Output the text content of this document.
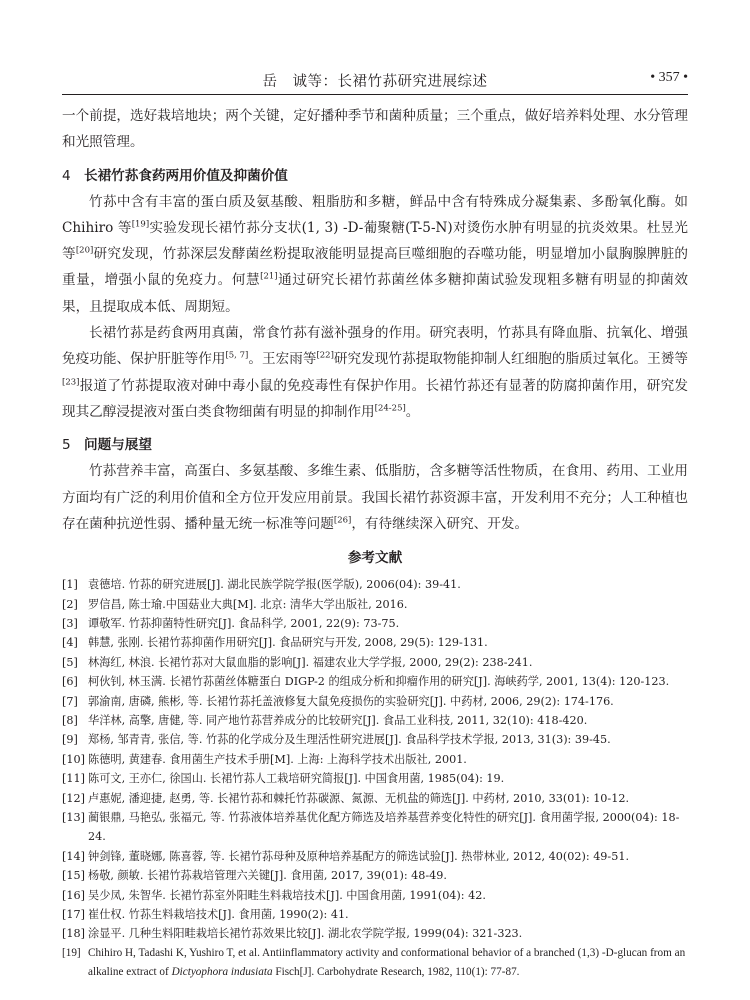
岳　诚等：长裙竹荪研究进展综述	• 357 •

一个前提，选好栽培地块；两个关键，定好播种季节和菌种质量；三个重点，做好培养料处理、水分管理和光照管理。

4 长裙竹荪食药两用价值及抑菌价值

竹荪中含有丰富的蛋白质及氨基酸、粗脂肪和多糖，鲜品中含有特殊成分凝集素、多酚氧化酶。如Chihiro 等[19]实验发现长裙竹荪分支状(1, 3) -D-葡聚糖(T-5-N)对烫伤水肿有明显的抗炎效果。杜昱光等[20]研究发现，竹荪深层发酵菌丝粉提取液能明显提高巨噬细胞的吞噬功能，明显增加小鼠胸腺脾脏的重量，增强小鼠的免疫力。何慧[21]通过研究长裙竹荪菌丝体多糖抑菌试验发现粗多糖有明显的抑菌效果，且提取成本低、周期短。

长裙竹荪是药食两用真菌，常食竹荪有滋补强身的作用。研究表明，竹荪具有降血脂、抗氧化、增强免疫功能、保护肝脏等作用[5, 7]。王宏雨等[22]研究发现竹荪提取物能抑制人红细胞的脂质过氧化。王赟等[23]报道了竹荪提取液对砷中毒小鼠的免疫毒性有保护作用。长裙竹荪还有显著的防腐抑菌作用，研究发现其乙醇浸提液对蛋白类食物细菌有明显的抑制作用[24-25]。

5 问题与展望

竹荪营养丰富，高蛋白、多氨基酸、多维生素、低脂肪，含多糖等活性物质，在食用、药用、工业用方面均有广泛的利用价值和全方位开发应用前景。我国长裙竹荪资源丰富，开发利用不充分；人工种植也存在菌种抗逆性弱、播种量无统一标准等问题[26]，有待继续深入研究、开发。

参考文献
[1] 袁德培. 竹荪的研究进展[J]. 湖北民族学院学报(医学版), 2006(04): 39-41.
[2] 罗信昌, 陈士瑜.中国菇业大典[M]. 北京: 清华大学出版社, 2016.
[3] 谭敬军. 竹荪抑菌特性研究[J]. 食品科学, 2001, 22(9): 73-75.
[4] 韩慧, 张刚. 长裙竹荪抑菌作用研究[J]. 食品研究与开发, 2008, 29(5): 129-131.
[5] 林海红, 林浪. 长裙竹荪对大鼠血脂的影响[J]. 福建农业大学学报, 2000, 29(2): 238-241.
[6] 柯伙钊, 林玉满. 长裙竹荪菌丝体糖蛋白 DIGP-2 的组成分析和抑瘤作用的研究[J]. 海峡药学, 2001, 13(4): 120-123.
[7] 郭渝南, 唐磷, 熊彬, 等. 长裙竹荪托盖液修复大鼠免疫损伤的实验研究[J]. 中药材, 2006, 29(2): 174-176.
[8] 华洋林, 高擎, 唐健, 等. 同产地竹荪营养成分的比较研究[J]. 食品工业科技, 2011, 32(10): 418-420.
[9] 郑杨, 邹青青, 张信, 等. 竹荪的化学成分及生理活性研究进展[J]. 食品科学技术学报, 2013, 31(3): 39-45.
[10] 陈德明, 黄建春. 食用菌生产技术手册[M]. 上海: 上海科学技术出版社, 2001.
[11] 陈可文, 王亦仁, 徐国山. 长裙竹荪人工栽培研究简报[J]. 中国食用菌, 1985(04): 19.
[12] 卢惠妮, 潘迎捷, 赵勇, 等. 长裙竹荪和棘托竹荪碳源、氮源、无机盐的筛选[J]. 中药材, 2010, 33(01): 10-12.
[13] 蔺银鼎, 马艳弘, 张福元, 等. 竹荪液体培养基优化配方筛选及培养基营养变化特性的研究[J]. 食用菌学报, 2000(04): 18-24.
[14] 钟剑锋, 董晓娜, 陈喜蓉, 等. 长裙竹荪母种及原种培养基配方的筛选试验[J]. 热带林业, 2012, 40(02): 49-51.
[15] 杨敬, 颜敏. 长裙竹荪栽培管理六关键[J]. 食用菌, 2017, 39(01): 48-49.
[16] 吴少凤, 朱智华. 长裙竹荪室外阳畦生料栽培技术[J]. 中国食用菌, 1991(04): 42.
[17] 崔仕权. 竹荪生料栽培技术[J]. 食用菌, 1990(2): 41.
[18] 涂显平. 几种生料阳畦栽培长裙竹荪效果比较[J]. 湖北农学院学报, 1999(04): 321-323.
[19] Chihiro H, Tadashi K, Yushiro T, et al. Antiinflammatory activity and conformational behavior of a branched (1,3) -D-glucan from an alkaline extract of Dictyophora indusiata Fisch[J]. Carbohydrate Research, 1982, 110(1): 77-87.
